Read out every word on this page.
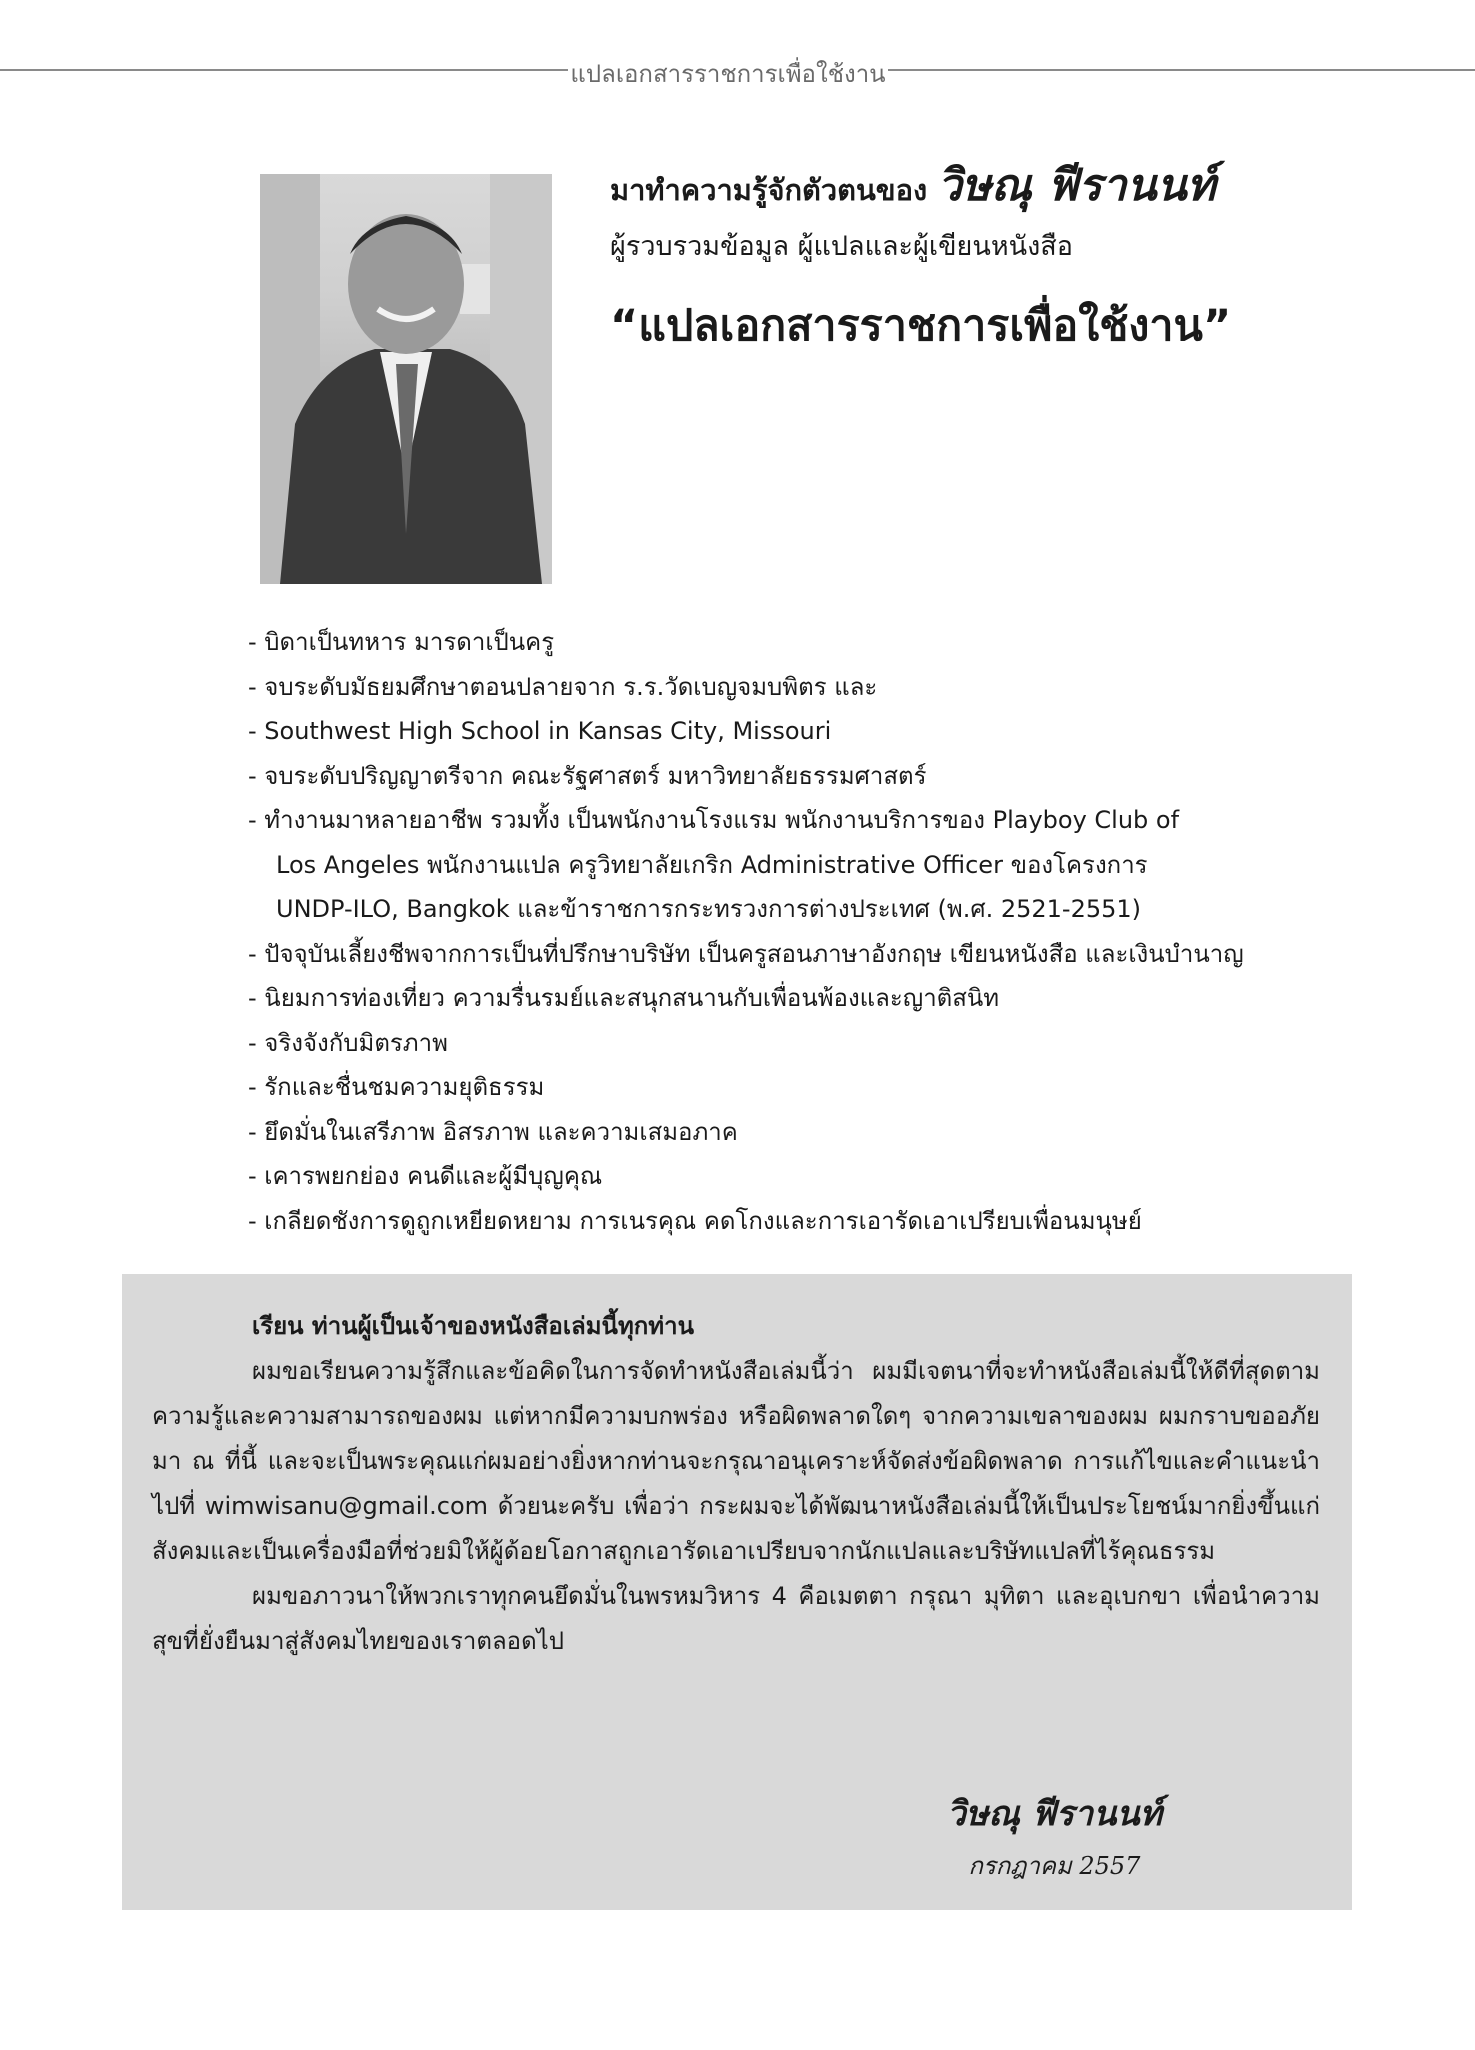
แปลเอกสารราชการเพื่อใช้งาน
มาทำความรู้จักตัวตนของ วิษณุ ฟีรานนท์
ผู้รวบรวมข้อมูล ผู้แปลและผู้เขียนหนังสือ
“แปลเอกสารราชการเพื่อใช้งาน”
- บิดาเป็นทหาร มารดาเป็นครู
- จบระดับมัธยมศึกษาตอนปลายจาก ร.ร.วัดเบญจมบพิตร และ
- Southwest High School in Kansas City, Missouri
- จบระดับปริญญาตรีจาก คณะรัฐศาสตร์ มหาวิทยาลัยธรรมศาสตร์
- ทำงานมาหลายอาชีพ รวมทั้ง เป็นพนักงานโรงแรม พนักงานบริการของ Playboy Club of
Los Angeles พนักงานแปล ครูวิทยาลัยเกริก Administrative Officer ของโครงการ
UNDP-ILO, Bangkok และข้าราชการกระทรวงการต่างประเทศ (พ.ศ. 2521-2551)
- ปัจจุบันเลี้ยงชีพจากการเป็นที่ปรึกษาบริษัท เป็นครูสอนภาษาอังกฤษ เขียนหนังสือ และเงินบำนาญ
- นิยมการท่องเที่ยว ความรื่นรมย์และสนุกสนานกับเพื่อนพ้องและญาติสนิท
- จริงจังกับมิตรภาพ
- รักและชื่นชมความยุติธรรม
- ยึดมั่นในเสรีภาพ อิสรภาพ และความเสมอภาค
- เคารพยกย่อง คนดีและผู้มีบุญคุณ
- เกลียดชังการดูถูกเหยียดหยาม การเนรคุณ คดโกงและการเอารัดเอาเปรียบเพื่อนมนุษย์
เรียน ท่านผู้เป็นเจ้าของหนังสือเล่มนี้ทุกท่าน

ผมขอเรียนความรู้สึกและข้อคิดในการจัดทำหนังสือเล่มนี้ว่า ผมมีเจตนาที่จะทำหนังสือเล่มนี้ให้ดีที่สุดตามความรู้และความสามารถของผม แต่หากมีความบกพร่อง หรือผิดพลาดใดๆ จากความเขลาของผม ผมกราบขออภัยมา ณ ที่นี้ และจะเป็นพระคุณแก่ผมอย่างยิ่งหากท่านจะกรุณาอนุเคราะห์จัดส่งข้อผิดพลาด การแก้ไขและคำแนะนำไปที่ wimwisanu@gmail.com ด้วยนะครับ เพื่อว่า กระผมจะได้พัฒนาหนังสือเล่มนี้ให้เป็นประโยชน์มากยิ่งขึ้นแก่สังคมและเป็นเครื่องมือที่ช่วยมิให้ผู้ด้อยโอกาสถูกเอารัดเอาเปรียบจากนักแปลและบริษัทแปลที่ไร้คุณธรรม

ผมขอภาวนาให้พวกเราทุกคนยึดมั่นในพรหมวิหาร 4 คือเมตตา กรุณา มุทิตา และอุเบกขา เพื่อนำความสุขที่ยั่งยืนมาสู่สังคมไทยของเราตลอดไป

วิษณุ ฟีรานนท์
กรกฎาคม 2557
